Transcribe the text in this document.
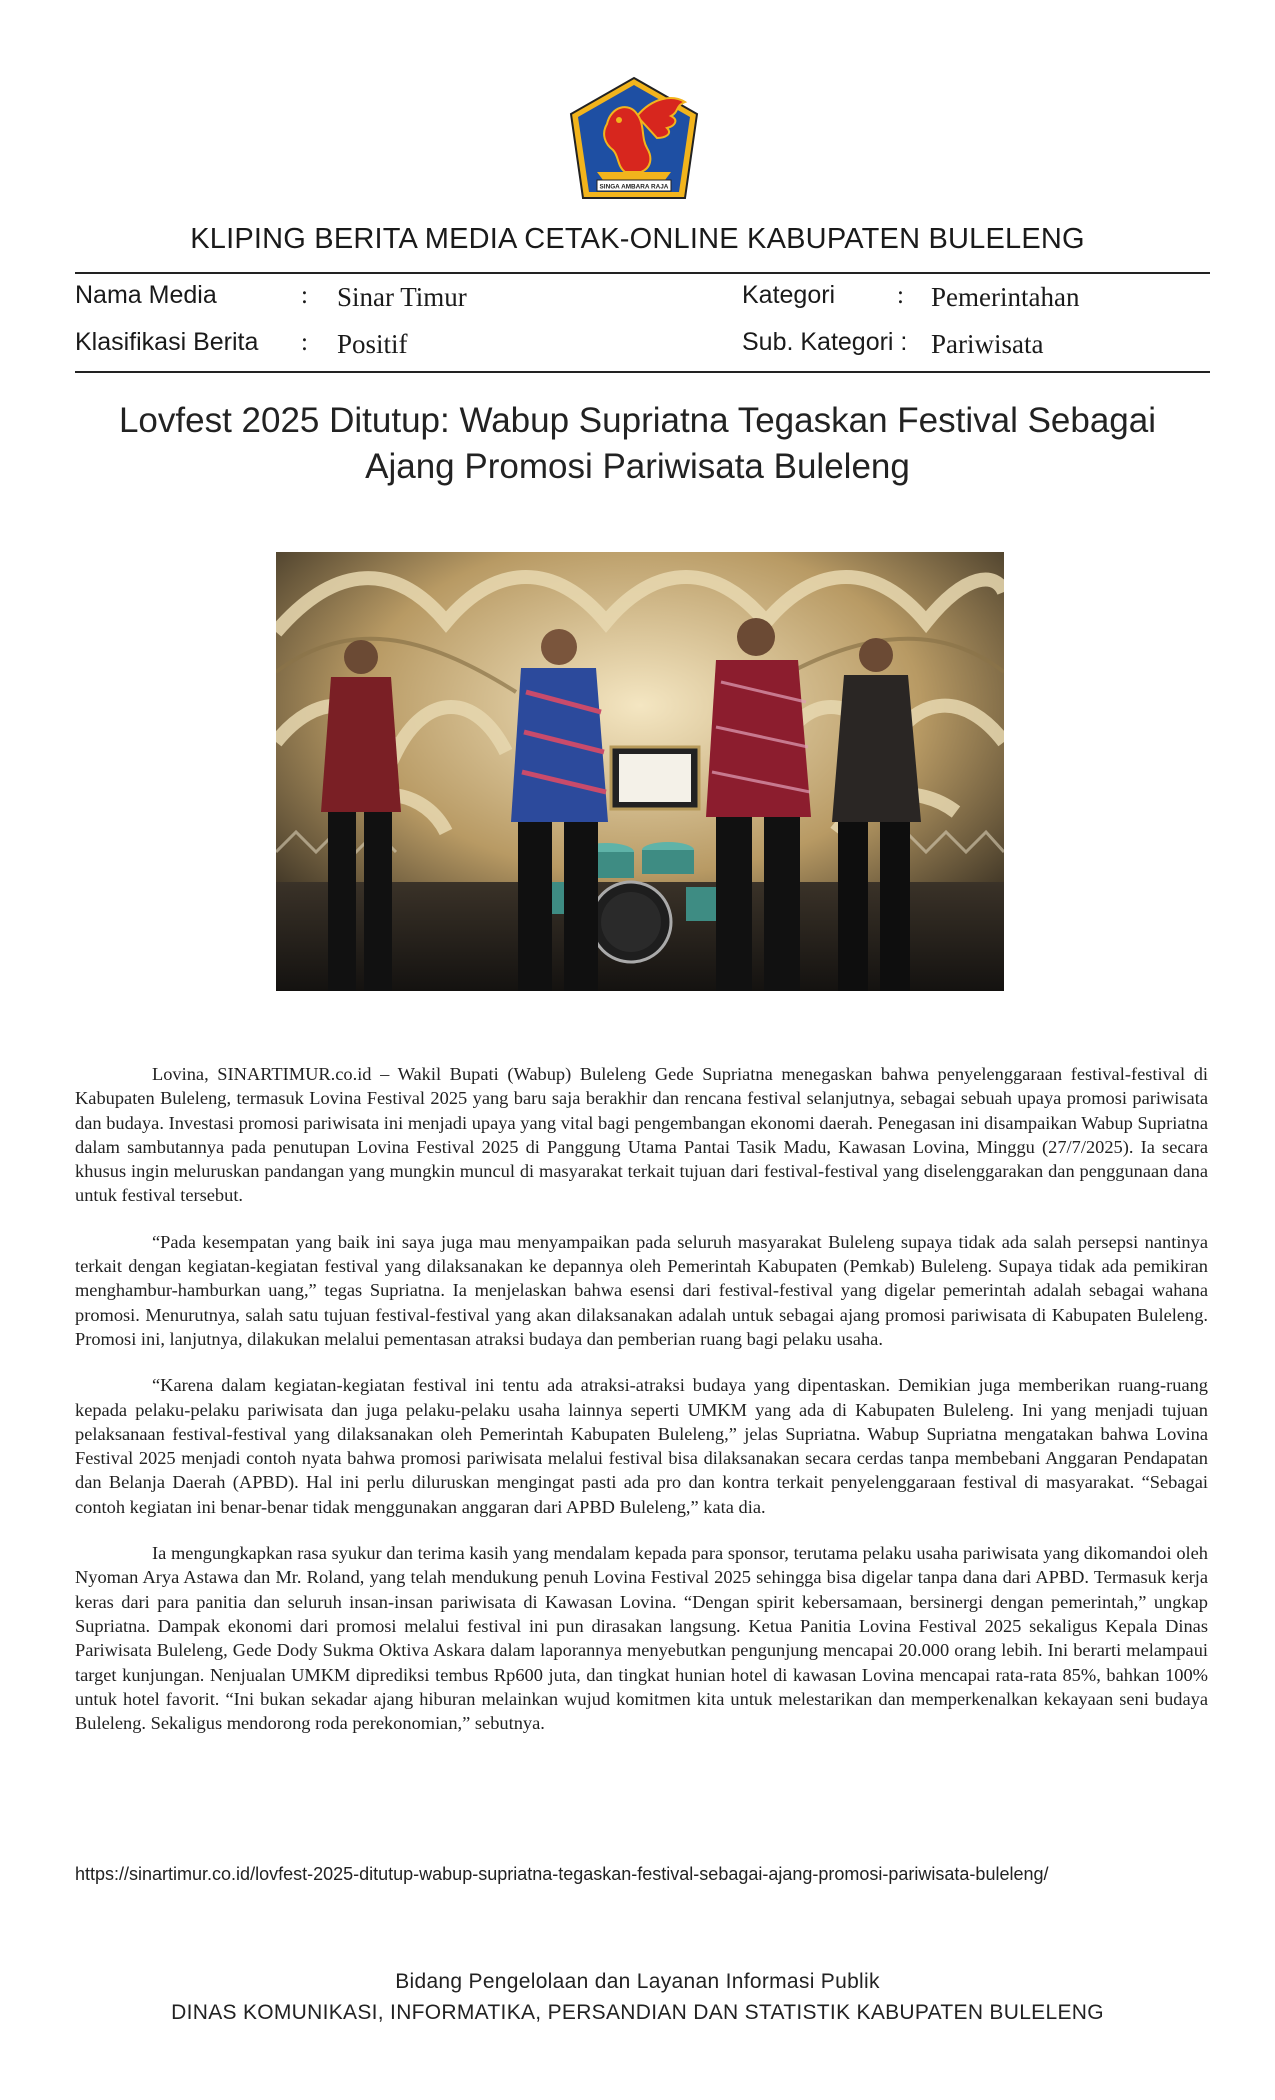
SINGA AMBARA RAJA
KLIPING BERITA MEDIA CETAK-ONLINE KABUPATEN BULELENG
Nama Media	: Sinar Timur
Klasifikasi Berita : Positif
Kategori : Pemerintahan
Sub. Kategori : Pariwisata
Lovfest 2025 Ditutup: Wabup Supriatna Tegaskan Festival Sebagai Ajang Promosi Pariwisata Buleleng

Lovina, SINARTIMUR.co.id – Wakil Bupati (Wabup) Buleleng Gede Supriatna menegaskan bahwa penyelenggaraan festival-festival di Kabupaten Buleleng, termasuk Lovina Festival 2025 yang baru saja berakhir dan rencana festival selanjutnya, sebagai sebuah upaya promosi pariwisata dan budaya. Investasi promosi pariwisata ini menjadi upaya yang vital bagi pengembangan ekonomi daerah. Penegasan ini disampaikan Wabup Supriatna dalam sambutannya pada penutupan Lovina Festival 2025 di Panggung Utama Pantai Tasik Madu, Kawasan Lovina, Minggu (27/7/2025). Ia secara khusus ingin meluruskan pandangan yang mungkin muncul di masyarakat terkait tujuan dari festival-festival yang diselenggarakan dan penggunaan dana untuk festival tersebut.

“Pada kesempatan yang baik ini saya juga mau menyampaikan pada seluruh masyarakat Buleleng supaya tidak ada salah persepsi nantinya terkait dengan kegiatan-kegiatan festival yang dilaksanakan ke depannya oleh Pemerintah Kabupaten (Pemkab) Buleleng. Supaya tidak ada pemikiran menghambur-hamburkan uang,” tegas Supriatna. Ia menjelaskan bahwa esensi dari festival-festival yang digelar pemerintah adalah sebagai wahana promosi. Menurutnya, salah satu tujuan festival-festival yang akan dilaksanakan adalah untuk sebagai ajang promosi pariwisata di Kabupaten Buleleng. Promosi ini, lanjutnya, dilakukan melalui pementasan atraksi budaya dan pemberian ruang bagi pelaku usaha.

“Karena dalam kegiatan-kegiatan festival ini tentu ada atraksi-atraksi budaya yang dipentaskan. Demikian juga memberikan ruang-ruang kepada pelaku-pelaku pariwisata dan juga pelaku-pelaku usaha lainnya seperti UMKM yang ada di Kabupaten Buleleng. Ini yang menjadi tujuan pelaksanaan festival-festival yang dilaksanakan oleh Pemerintah Kabupaten Buleleng,” jelas Supriatna. Wabup Supriatna mengatakan bahwa Lovina Festival 2025 menjadi contoh nyata bahwa promosi pariwisata melalui festival bisa dilaksanakan secara cerdas tanpa membebani Anggaran Pendapatan dan Belanja Daerah (APBD). Hal ini perlu diluruskan mengingat pasti ada pro dan kontra terkait penyelenggaraan festival di masyarakat. “Sebagai contoh kegiatan ini benar-benar tidak menggunakan anggaran dari APBD Buleleng,” kata dia.

Ia mengungkapkan rasa syukur dan terima kasih yang mendalam kepada para sponsor, terutama pelaku usaha pariwisata yang dikomandoi oleh Nyoman Arya Astawa dan Mr. Roland, yang telah mendukung penuh Lovina Festival 2025 sehingga bisa digelar tanpa dana dari APBD. Termasuk kerja keras dari para panitia dan seluruh insan-insan pariwisata di Kawasan Lovina. “Dengan spirit kebersamaan, bersinergi dengan pemerintah,” ungkap Supriatna. Dampak ekonomi dari promosi melalui festival ini pun dirasakan langsung. Ketua Panitia Lovina Festival 2025 sekaligus Kepala Dinas Pariwisata Buleleng, Gede Dody Sukma Oktiva Askara dalam laporannya menyebutkan pengunjung mencapai 20.000 orang lebih. Ini berarti melampaui target kunjungan. Nenjualan UMKM diprediksi tembus Rp600 juta, dan tingkat hunian hotel di kawasan Lovina mencapai rata-rata 85%, bahkan 100% untuk hotel favorit. “Ini bukan sekadar ajang hiburan melainkan wujud komitmen kita untuk melestarikan dan memperkenalkan kekayaan seni budaya Buleleng. Sekaligus mendorong roda perekonomian,” sebutnya.

https://sinartimur.co.id/lovfest-2025-ditutup-wabup-supriatna-tegaskan-festival-sebagai-ajang-promosi-pariwisata-buleleng/
Bidang Pengelolaan dan Layanan Informasi Publik
DINAS KOMUNIKASI, INFORMATIKA, PERSANDIAN DAN STATISTIK KABUPATEN BULELENG
